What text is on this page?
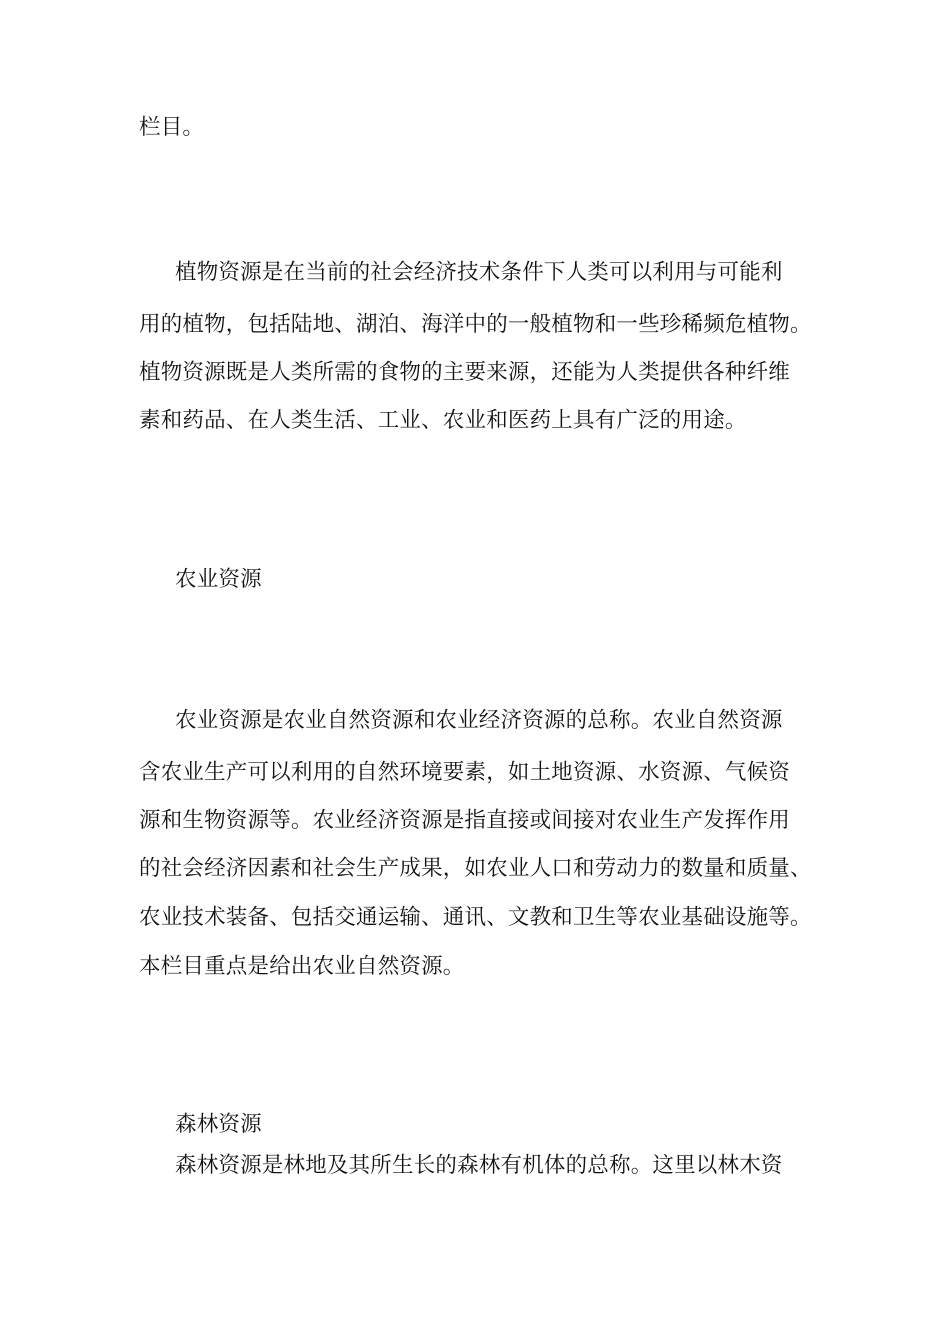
栏目。
植物资源是在当前的社会经济技术条件下人类可以利用与可能利
用的植物，包括陆地、湖泊、海洋中的一般植物和一些珍稀频危植物。
植物资源既是人类所需的食物的主要来源，还能为人类提供各种纤维
素和药品、在人类生活、工业、农业和医药上具有广泛的用途。
农业资源
农业资源是农业自然资源和农业经济资源的总称。农业自然资源
含农业生产可以利用的自然环境要素，如土地资源、水资源、气候资
源和生物资源等。农业经济资源是指直接或间接对农业生产发挥作用
的社会经济因素和社会生产成果，如农业人口和劳动力的数量和质量、
农业技术装备、包括交通运输、通讯、文教和卫生等农业基础设施等。
本栏目重点是给出农业自然资源。
森林资源
森林资源是林地及其所生长的森林有机体的总称。这里以林木资
